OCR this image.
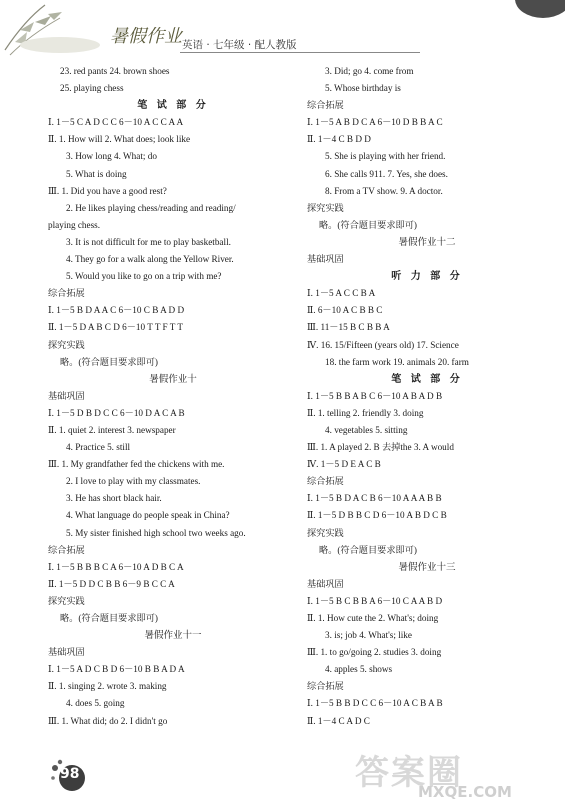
暑假作业 英语 · 七年级 · 配人教版
23. red pants 24. brown shoes
25. playing chess
笔 试 部 分
Ⅰ. 1－5 C A D C C 6－10 A C C A A
Ⅱ. 1. How will 2. What does; look like
3. How long 4. What; do
5. What is doing
Ⅲ. 1. Did you have a good rest?
2. He likes playing chess/reading and reading/
playing chess.
3. It is not difficult for me to play basketball.
4. They go for a walk along the Yellow River.
5. Would you like to go on a trip with me?
综合拓展
Ⅰ. 1－5 B D A A C 6－10 C B A D D
Ⅱ. 1－5 D A B C D 6－10 T T F T T
探究实践
略。(符合题目要求即可)
暑假作业十
基础巩固
Ⅰ. 1－5 D B D C C 6－10 D A C A B
Ⅱ. 1. quiet 2. interest 3. newspaper
4. Practice 5. still
Ⅲ. 1. My grandfather fed the chickens with me.
2. I love to play with my classmates.
3. He has short black hair.
4. What language do people speak in China?
5. My sister finished high school two weeks ago.
综合拓展
Ⅰ. 1－5 B B B C A 6－10 A D B C A
Ⅱ. 1－5 D D C B B 6－9 B C C A
探究实践
略。(符合题目要求即可)
暑假作业十一
基础巩固
Ⅰ. 1－5 A D C B D 6－10 B B A D A
Ⅱ. 1. singing 2. wrote 3. making
4. does 5. going
Ⅲ. 1. What did; do 2. I didn't go
3. Did; go 4. come from
5. Whose birthday is
综合拓展
Ⅰ. 1－5 A B D C A 6－10 D B B A C
Ⅱ. 1－4 C B D D
5. She is playing with her friend.
6. She calls 911. 7. Yes, she does.
8. From a TV show. 9. A doctor.
探究实践
略。(符合题目要求即可)
暑假作业十二
基础巩固
听 力 部 分
Ⅰ. 1－5 A C C B A
Ⅱ. 6－10 A C B B C
Ⅲ. 11－15 B C B B A
Ⅳ. 16. 15/Fifteen (years old) 17. Science
18. the farm work 19. animals 20. farm
笔 试 部 分
Ⅰ. 1－5 B B A B C 6－10 A B A D B
Ⅱ. 1. telling 2. friendly 3. doing
4. vegetables 5. sitting
Ⅲ. 1. A played 2. B 去掉the 3. A would
Ⅳ. 1－5 D E A C B
综合拓展
Ⅰ. 1－5 B D A C B 6－10 A A A B B
Ⅱ. 1－5 D B B C D 6－10 A B D C B
探究实践
略。(符合题目要求即可)
暑假作业十三
基础巩固
Ⅰ. 1－5 B C B B A 6－10 C A A B D
Ⅱ. 1. How cute the 2. What's; doing
3. is; job 4. What's; like
Ⅲ. 1. to go/going 2. studies 3. doing
4. apples 5. shows
综合拓展
Ⅰ. 1－5 B B D C C 6－10 A C B A B
Ⅱ. 1－4 C A D C
98	答案圈
MXQE.COM
